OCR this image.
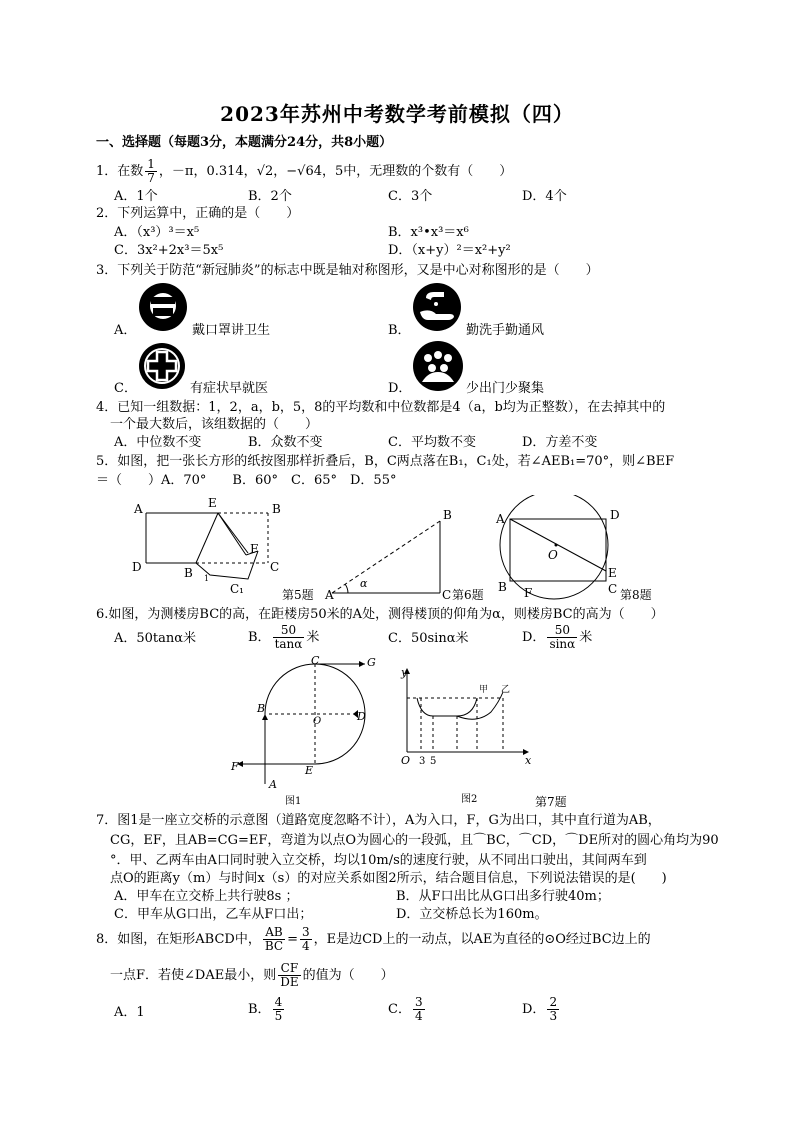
2023年苏州中考数学考前模拟（四）
一、选择题（每题3分，本题满分24分，共8小题）
1．在数 $\frac{1}{7}$ ，－π，0.314，√2，−√64，5中，无理数的个数有（　　）
A．1个	B．2个	C．3个	D．4个
2．下列运算中，正确的是（　　）
A．（x³）³＝x⁵	B．x³•x³＝x⁶
C．3x²+2x³＝5x⁵	D．（x+y）²＝x²+y²
3．下列关于防范“新冠肺炎”的标志中既是轴对称图形，又是中心对称图形的是（　　）
A．	戴口罩讲卫生	B．	勤洗手勤通风
C．	有症状早就医	D．	少出门少聚集
4．已知一组数据：1，2，a，b，5，8的平均数和中位数都是4（a，b均为正整数），在去掉其中的
一个最大数后，该组数据的（　　）
A．中位数不变	B．众数不变	C．平均数不变	D．方差不变
5．如图，把一张长方形的纸按图那样折叠后，B，C两点落在B₁，C₁处，若∠AEB₁=70°，则∠BEF
＝（　　）A．70°　　B．60°　C．65°　D．55°
A	E	B
D	B 1
C₁
F
C
第5题
B
A
α
C 第6题
A	D
O
E
B F	C 第8题
6.如图，为测楼房BC的高，在距楼房50米的A处，测得楼顶的仰角为α，则楼房BC的高为（　　）
A．50tanα米	B． $\frac{50}{\tan\alpha}$ 米	C．50sinα米	D． $\frac{50}{\sin\alpha}$ 米
C	G
B
O	D
F	E
A
图1
y
甲 乙
O 3 5	x
图2	第7题
7．图1是一座立交桥的示意图（道路宽度忽略不计），A为入口，F，G为出口，其中直行道为AB，
CG，EF，且AB=CG=EF，弯道为以点O为圆心的一段弧，且⌒BC，⌒CD，⌒DE所对的圆心角均为90
°．甲、乙两车由A口同时驶入立交桥，均以10m/s的速度行驶，从不同出口驶出，其间两车到
点O的距离y（m）与时间x（s）的对应关系如图2所示，结合题目信息，下列说法错误的是(　　)
A．甲车在立交桥上共行驶8s ；	B．从F口出比从G口出多行驶40m；
C．甲车从G口出，乙车从F口出；	D．立交桥总长为160m。
8．如图，在矩形ABCD中， $\frac{AB}{BC} = \frac{3}{4}$ ，E是边CD上的一动点，以AE为直径的⊙O经过BC边上的
一点F．若使∠DAE最小，则 $\frac{CF}{DE}$ 的值为（　　）
A．1	B． $\frac{4}{5}$	C． $\frac{3}{4}$	D． $\frac{2}{3}$
